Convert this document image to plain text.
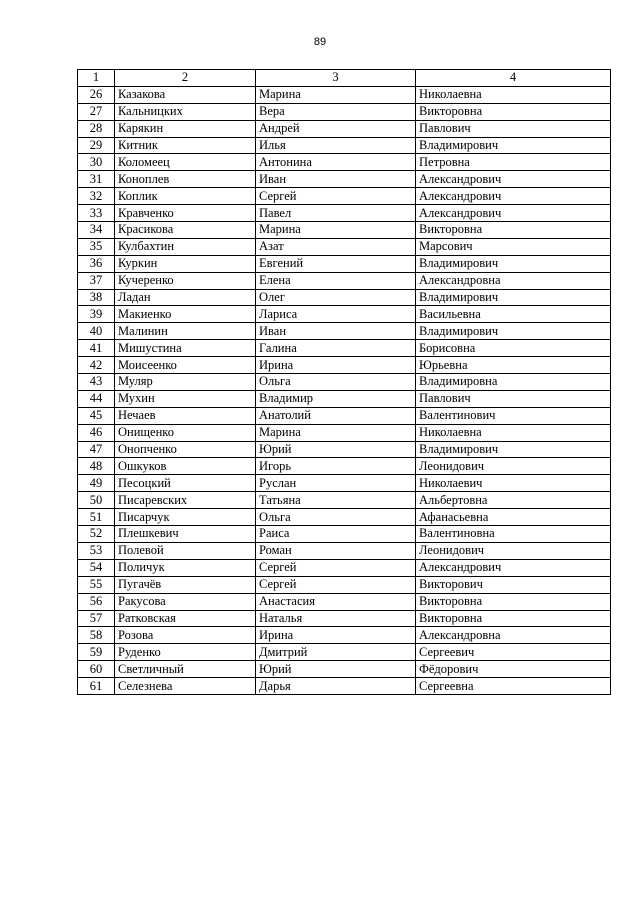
89
1	2	3	4
26	Казакова	Марина	Николаевна
27	Кальницких	Вера	Викторовна
28	Карякин	Андрей	Павлович
29	Китник	Илья	Владимирович
30	Коломеец	Антонина	Петровна
31	Коноплев	Иван	Александрович
32	Коплик	Сергей	Александрович
33	Кравченко	Павел	Александрович
34	Красикова	Марина	Викторовна
35	Кулбахтин	Азат	Марсович
36	Куркин	Евгений	Владимирович
37	Кучеренко	Елена	Александровна
38	Ладан	Олег	Владимирович
39	Макиенко	Лариса	Васильевна
40	Малинин	Иван	Владимирович
41	Мишустина	Галина	Борисовна
42	Моисеенко	Ирина	Юрьевна
43	Муляр	Ольга	Владимировна
44	Мухин	Владимир	Павлович
45	Нечаев	Анатолий	Валентинович
46	Онищенко	Марина	Николаевна
47	Онопченко	Юрий	Владимирович
48	Ошкуков	Игорь	Леонидович
49	Песоцкий	Руслан	Николаевич
50	Писаревских	Татьяна	Альбертовна
51	Писарчук	Ольга	Афанасьевна
52	Плешкевич	Раиса	Валентиновна
53	Полевой	Роман	Леонидович
54	Поличук	Сергей	Александрович
55	Пугачёв	Сергей	Викторович
56	Ракусова	Анастасия	Викторовна
57	Ратковская	Наталья	Викторовна
58	Розова	Ирина	Александровна
59	Руденко	Дмитрий	Сергеевич
60	Светличный	Юрий	Фёдорович
61	Селезнева	Дарья	Сергеевна
